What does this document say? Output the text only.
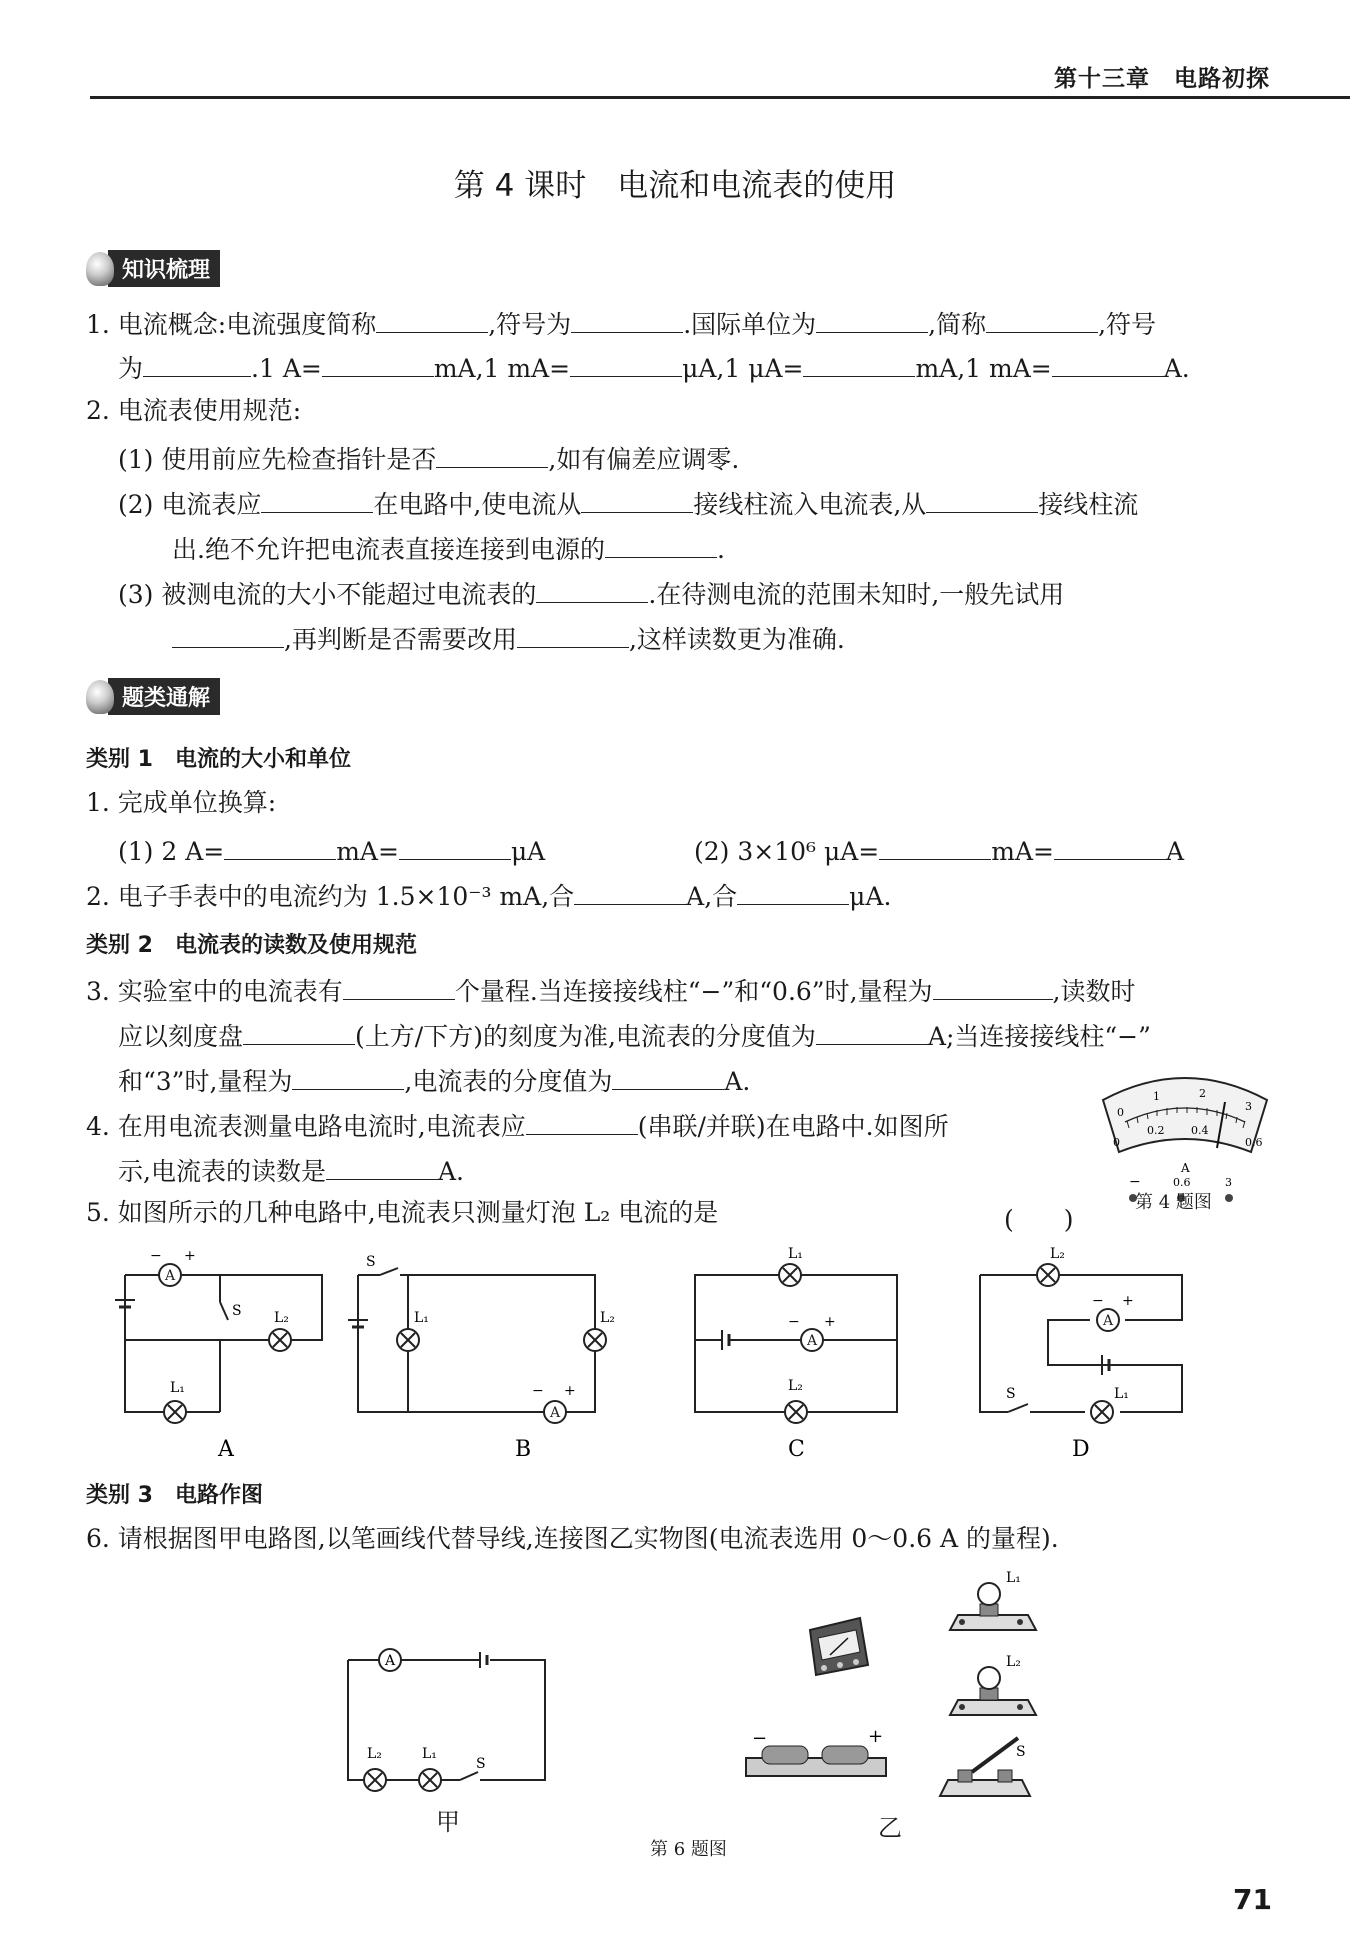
第十三章　电路初探
第 4 课时　电流和电流表的使用
知识梳理
1. 电流概念:电流强度简称	,符号为	.国际单位为	,简称	,符号
为	.1 A=	mA,1 mA=	μA,1 μA=	mA,1 mA=	A.
2. 电流表使用规范:
(1) 使用前应先检查指针是否	,如有偏差应调零.
(2) 电流表应	在电路中,使电流从	接线柱流入电流表,从	接线柱流
出.绝不允许把电流表直接连接到电源的	.
(3) 被测电流的大小不能超过电流表的	.在待测电流的范围未知时,一般先试用
,再判断是否需要改用	,这样读数更为准确.
题类通解
类别 1　电流的大小和单位
1. 完成单位换算:
(1) 2 A=	mA=	μA	(2) 3×10⁶ μA=	mA=	A
2. 电子手表中的电流约为 1.5×10⁻³ mA,合	A,合	μA.
类别 2　电流表的读数及使用规范
3. 实验室中的电流表有	个量程.当连接接线柱“−”和“0.6”时,量程为	,读数时
应以刻度盘	(上方/下方)的刻度为准,电流表的分度值为	A;当连接接线柱“−”
和“3”时,量程为	,电流表的分度值为	A.
4. 在用电流表测量电路电流时,电流表应	(串联/并联)在电路中.如图所
示,电流表的读数是	A.
5. 如图所示的几种电路中,电流表只测量灯泡 L₂ 电流的是	(　　)
0
1	2
3
0
0.2 0.4
0.6
A
−	0.6	3
第 4 题图
A
− +
S L₂
L₁
A
S
L₁	L₂
− +
B
L₁
− +
L₂
C
L₂
− +
S	L₁
D
类别 3　电路作图
6. 请根据图甲电路图,以笔画线代替导线,连接图乙实物图(电流表选用 0～0.6 A 的量程).
A
L₂	L₁
S
甲
L₁
L₂
−	+
S
乙
第 6 题图
71
